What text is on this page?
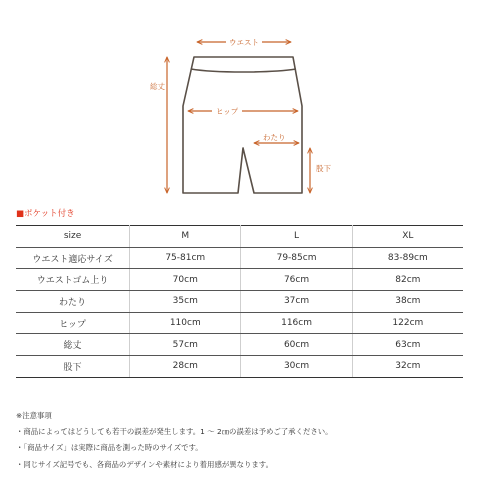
ウエスト
総丈
ヒップ
わたり
股下
■ポケット付き
size	M	L	XL
ウエスト適応サイズ	75-81cm	79-85cm	83-89cm
ウエストゴム上り	70cm	76cm	82cm
わたり	35cm	37cm	38cm
ヒップ	110cm	116cm	122cm
総丈	57cm	60cm	63cm
股下	28cm	30cm	32cm
※注意事項
・商品によってはどうしても若干の誤差が発生します。1 ～ 2㎝の誤差は予めご了承ください。
・「商品サイズ」は実際に商品を測った時のサイズです。
・同じサイズ記号でも、各商品のデザインや素材により着用感が異なります。
